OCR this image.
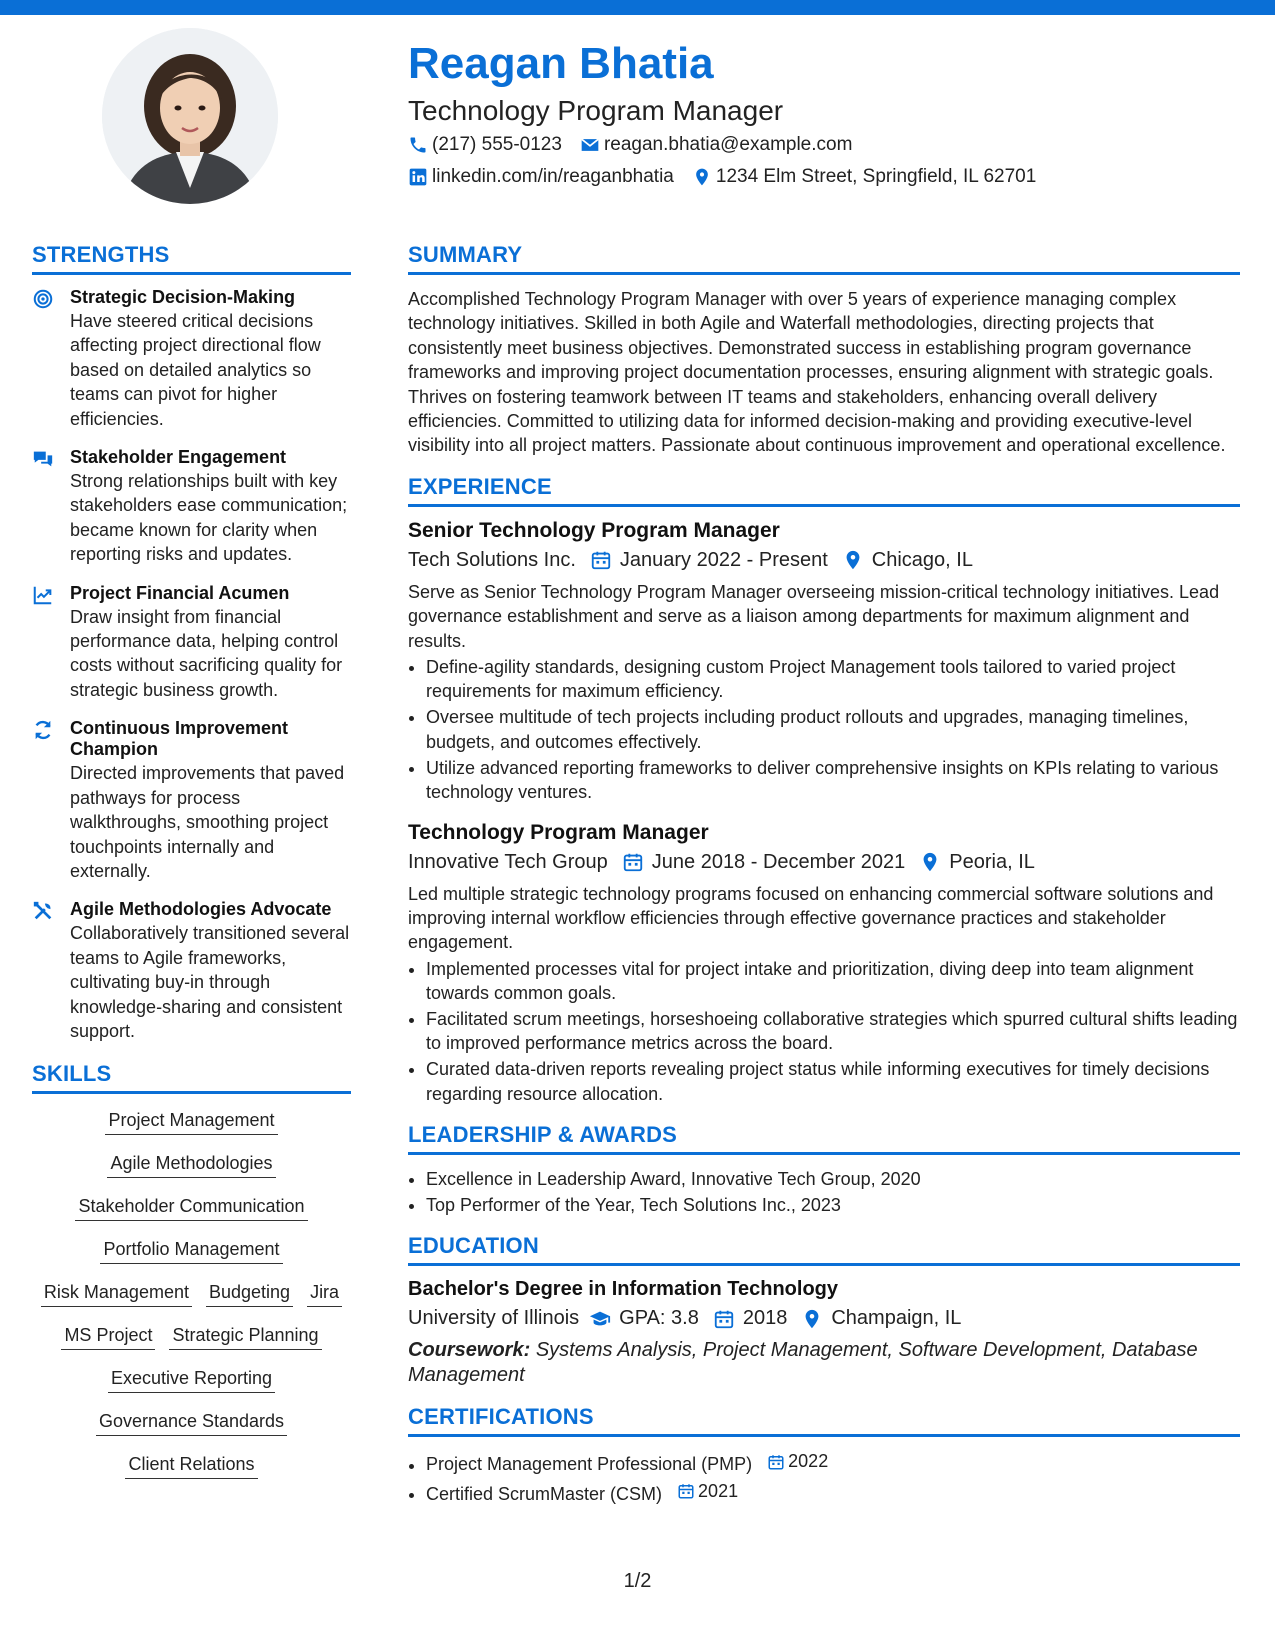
Reagan Bhatia
Technology Program Manager
(217) 555-0123 reagan.bhatia@example.com
linkedin.com/in/reaganbhatia 1234 Elm Street, Springfield, IL 62701
STRENGTHS
Strategic Decision-Making
Have steered critical decisions affecting project directional flow based on detailed analytics so teams can pivot for higher efficiencies.
Stakeholder Engagement
Strong relationships built with key stakeholders ease communication; became known for clarity when reporting risks and updates.
Project Financial Acumen
Draw insight from financial performance data, helping control costs without sacrificing quality for strategic business growth.
Continuous Improvement Champion
Directed improvements that paved pathways for process walkthroughs, smoothing project touchpoints internally and externally.
Agile Methodologies Advocate
Collaboratively transitioned several teams to Agile frameworks, cultivating buy-in through knowledge-sharing and consistent support.
SKILLS
Project Management
Agile Methodologies
Stakeholder Communication
Portfolio Management
Risk Management Budgeting Jira
MS Project Strategic Planning
Executive Reporting
Governance Standards
Client Relations
SUMMARY

Accomplished Technology Program Manager with over 5 years of experience managing complex technology initiatives. Skilled in both Agile and Waterfall methodologies, directing projects that consistently meet business objectives. Demonstrated success in establishing program governance frameworks and improving project documentation processes, ensuring alignment with strategic goals. Thrives on fostering teamwork between IT teams and stakeholders, enhancing overall delivery efficiencies. Committed to utilizing data for informed decision-making and providing executive-level visibility into all project matters. Passionate about continuous improvement and operational excellence.

EXPERIENCE
Senior Technology Program Manager
Tech Solutions Inc. January 2022 - Present Chicago, IL

Serve as Senior Technology Program Manager overseeing mission-critical technology initiatives. Lead governance establishment and serve as a liaison among departments for maximum alignment and results.

• Define-agility standards, designing custom Project Management tools tailored to varied project requirements for maximum efficiency.
• Oversee multitude of tech projects including product rollouts and upgrades, managing timelines, budgets, and outcomes effectively.
• Utilize advanced reporting frameworks to deliver comprehensive insights on KPIs relating to various technology ventures.
Technology Program Manager
Innovative Tech Group June 2018 - December 2021 Peoria, IL

Led multiple strategic technology programs focused on enhancing commercial software solutions and improving internal workflow efficiencies through effective governance practices and stakeholder engagement.

• Implemented processes vital for project intake and prioritization, diving deep into team alignment towards common goals.
• Facilitated scrum meetings, horseshoeing collaborative strategies which spurred cultural shifts leading to improved performance metrics across the board.
• Curated data-driven reports revealing project status while informing executives for timely decisions regarding resource allocation.
LEADERSHIP & AWARDS
• Excellence in Leadership Award, Innovative Tech Group, 2020
• Top Performer of the Year, Tech Solutions Inc., 2023
EDUCATION
Bachelor's Degree in Information Technology
University of Illinois GPA: 3.8 2018 Champaign, IL
Coursework: Systems Analysis, Project Management, Software Development, Database Management
CERTIFICATIONS
• Project Management Professional (PMP) 2022
• Certified ScrumMaster (CSM) 2021
1/2
